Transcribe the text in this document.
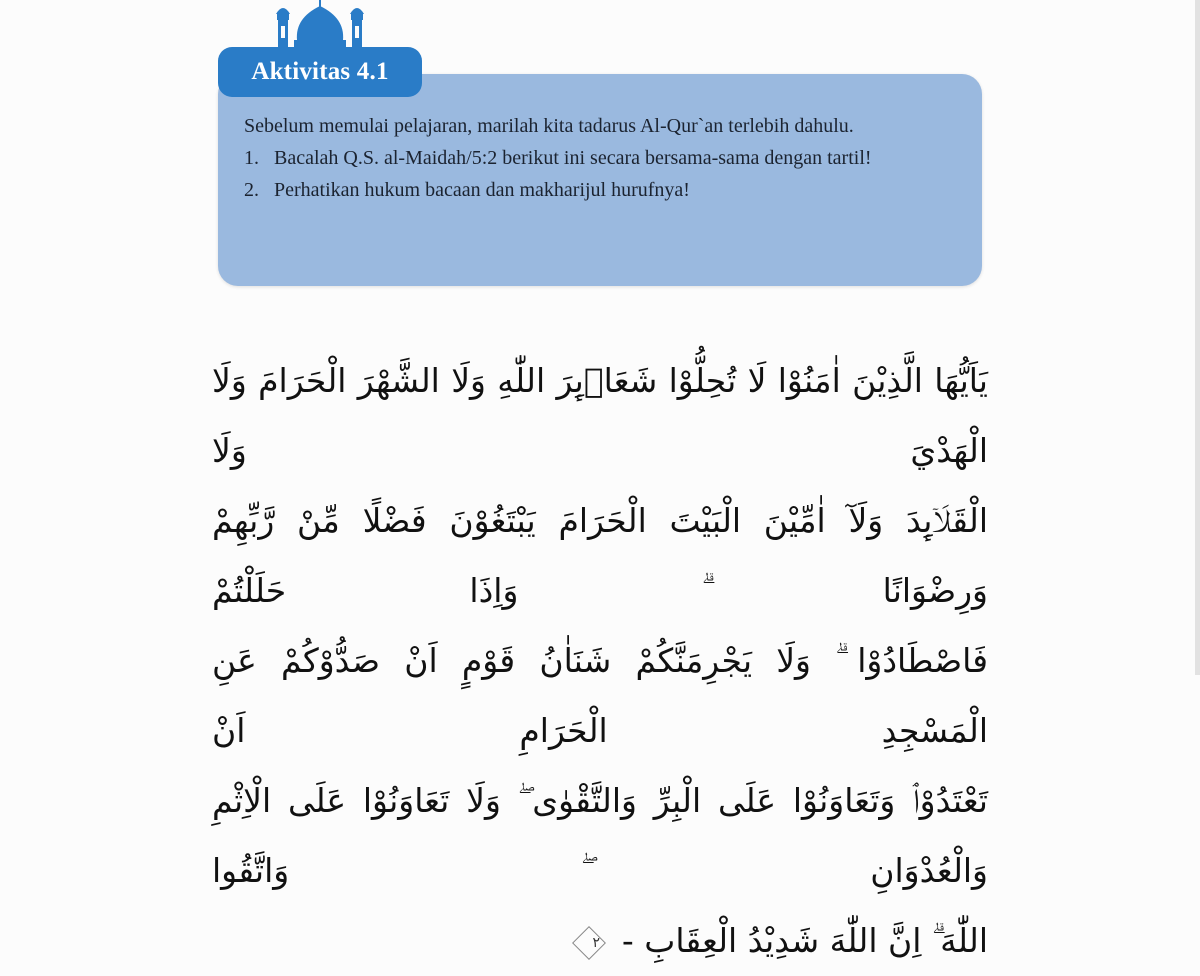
Aktivitas 4.1

Sebelum memulai pelajaran, marilah kita tadarus Al-Qur`an terlebih dahulu.

1. Bacalah Q.S. al-Maidah/5:2 berikut ini secara bersama-sama dengan tartil!
2. Perhatikan hukum bacaan dan makharijul hurufnya!
يَاَيُّهَا الَّذِيْنَ اٰمَنُوْا لَا تُحِلُّوْا شَعَاۤىِٕرَ اللّٰهِ وَلَا الشَّهْرَ الْحَرَامَ وَلَا الْهَدْيَ وَلَا
الْقَلَاۤىِٕدَ وَلَآ اٰمِّيْنَ الْبَيْتَ الْحَرَامَ يَبْتَغُوْنَ فَضْلًا مِّنْ رَّبِّهِمْ وَرِضْوَانًا ۗ وَاِذَا حَلَلْتُمْ
فَاصْطَادُوْا ۗ وَلَا يَجْرِمَنَّكُمْ شَنَاٰنُ قَوْمٍ اَنْ صَدُّوْكُمْ عَنِ الْمَسْجِدِ الْحَرَامِ اَنْ
تَعْتَدُوْاۘ وَتَعَاوَنُوْا عَلَى الْبِرِّ وَالتَّقْوٰى ۖ وَلَا تَعَاوَنُوْا عَلَى الْاِثْمِ وَالْعُدْوَانِ ۖ وَاتَّقُوا
اللّٰهَ ۗ اِنَّ اللّٰهَ شَدِيْدُ الْعِقَابِ -
٢
